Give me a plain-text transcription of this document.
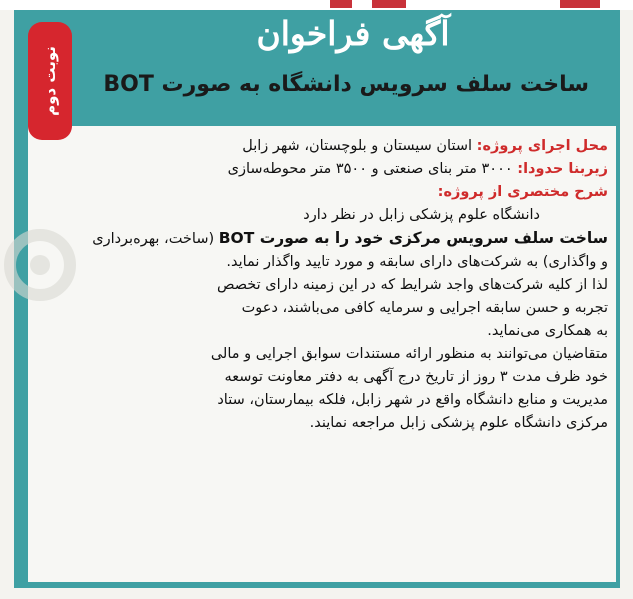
نوبت دوم
آگهی فراخوان
ساخت سلف سرویس دانشگاه به صورت BOT
محل اجرای پروژه: استان سیستان و بلوچستان، شهر زابل
زیربنا حدودا: ۳۰۰۰ متر بنای صنعتی و ۳۵۰۰ متر محوطه‌سازی
شرح مختصری از پروژه:
دانشگاه علوم پزشکی زابل در نظر دارد
ساخت سلف سرویس مرکزی خود را به صورت BOT (ساخت، بهره‌برداری
و واگذاری) به شرکت‌های دارای سابقه و مورد تایید واگذار نماید.
لذا از کلیه شرکت‌های واجد شرایط که در این زمینه دارای تخصص
تجربه و حسن سابقه اجرایی و سرمایه کافی می‌باشند، دعوت
به همکاری می‌نماید.
متقاضیان می‌توانند به منظور ارائه مستندات سوابق اجرایی و مالی
خود ظرف مدت ۳ روز از تاریخ درج آگهی به دفتر معاونت توسعه
مدیریت و منابع دانشگاه واقع در شهر زابل، فلکه بیمارستان، ستاد
مرکزی دانشگاه علوم پزشکی زابل مراجعه نمایند.
